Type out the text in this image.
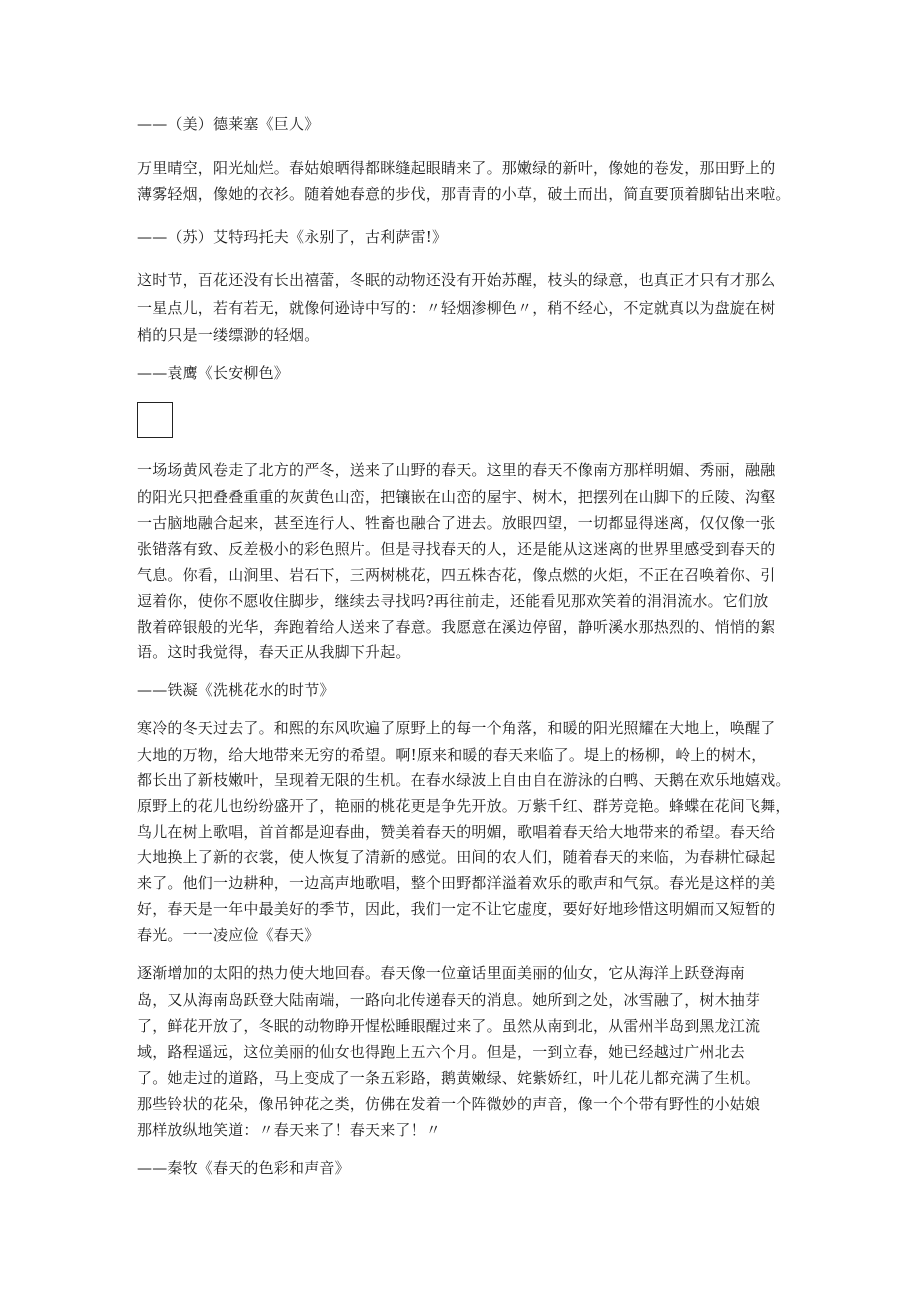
——（美）德莱塞《巨人》
万里晴空，阳光灿烂。春姑娘晒得都眯缝起眼睛来了。那嫩绿的新叶，像她的卷发，那田野上的
薄雾轻烟，像她的衣衫。随着她春意的步伐，那青青的小草，破土而出，简直要顶着脚钻出来啦。
——（苏）艾特玛托夫《永别了，古利萨雷!》
这时节，百花还没有长出禧蕾，冬眠的动物还没有开始苏醒，枝头的绿意，也真正才只有才那么
一星点儿，若有若无，就像何逊诗中写的：〃轻烟渗柳色〃，稍不经心，不定就真以为盘旋在树
梢的只是一缕缥渺的轻烟。
——袁鹰《长安柳色》
一场场黄风卷走了北方的严冬，送来了山野的春天。这里的春天不像南方那样明媚、秀丽，融融
的阳光只把叠叠重重的灰黄色山峦，把镶嵌在山峦的屋宇、树木，把摆列在山脚下的丘陵、沟壑
一古脑地融合起来，甚至连行人、牲畜也融合了进去。放眼四望，一切都显得迷离，仅仅像一张
张错落有致、反差极小的彩色照片。但是寻找春天的人，还是能从这迷离的世界里感受到春天的
气息。你看，山涧里、岩石下，三两树桃花，四五株杏花，像点燃的火炬，不正在召唤着你、引
逗着你，使你不愿收住脚步，继续去寻找吗?再往前走，还能看见那欢笑着的涓涓流水。它们放
散着碎银般的光华，奔跑着给人送来了春意。我愿意在溪边停留，静听溪水那热烈的、悄悄的絮
语。这时我觉得，春天正从我脚下升起。
——铁凝《洗桃花水的时节》
寒冷的冬天过去了。和熙的东风吹遍了原野上的每一个角落，和暖的阳光照耀在大地上，唤醒了
大地的万物，给大地带来无穷的希望。啊!原来和暖的春天来临了。堤上的杨柳，岭上的树木，
都长出了新枝嫩叶，呈现着无限的生机。在春水绿波上自由自在游泳的白鸭、天鹅在欢乐地嬉戏。
原野上的花儿也纷纷盛开了，艳丽的桃花更是争先开放。万紫千红、群芳竞艳。蜂蝶在花间飞舞，
鸟儿在树上歌唱，首首都是迎春曲，赞美着春天的明媚，歌唱着春天给大地带来的希望。春天给
大地换上了新的衣裳，使人恢复了清新的感觉。田间的农人们，随着春天的来临，为春耕忙碌起
来了。他们一边耕种，一边高声地歌唱，整个田野都洋溢着欢乐的歌声和气氛。春光是这样的美
好，春天是一年中最美好的季节，因此，我们一定不让它虚度，要好好地珍惜这明媚而又短暂的
春光。一一凌应俭《春天》
逐渐增加的太阳的热力使大地回春。春天像一位童话里面美丽的仙女，它从海洋上跃登海南
岛，又从海南岛跃登大陆南端，一路向北传递春天的消息。她所到之处，冰雪融了，树木抽芽
了，鲜花开放了，冬眠的动物睁开惺松睡眼醒过来了。虽然从南到北，从雷州半岛到黑龙江流
域，路程遥远，这位美丽的仙女也得跑上五六个月。但是，一到立春，她已经越过广州北去
了。她走过的道路，马上变成了一条五彩路，鹅黄嫩绿、姹紫娇红，叶儿花儿都充满了生机。
那些铃状的花朵，像吊钟花之类，仿佛在发着一个阵微妙的声音，像一个个带有野性的小姑娘
那样放纵地笑道：〃春天来了！春天来了！〃
——秦牧《春天的色彩和声音》
